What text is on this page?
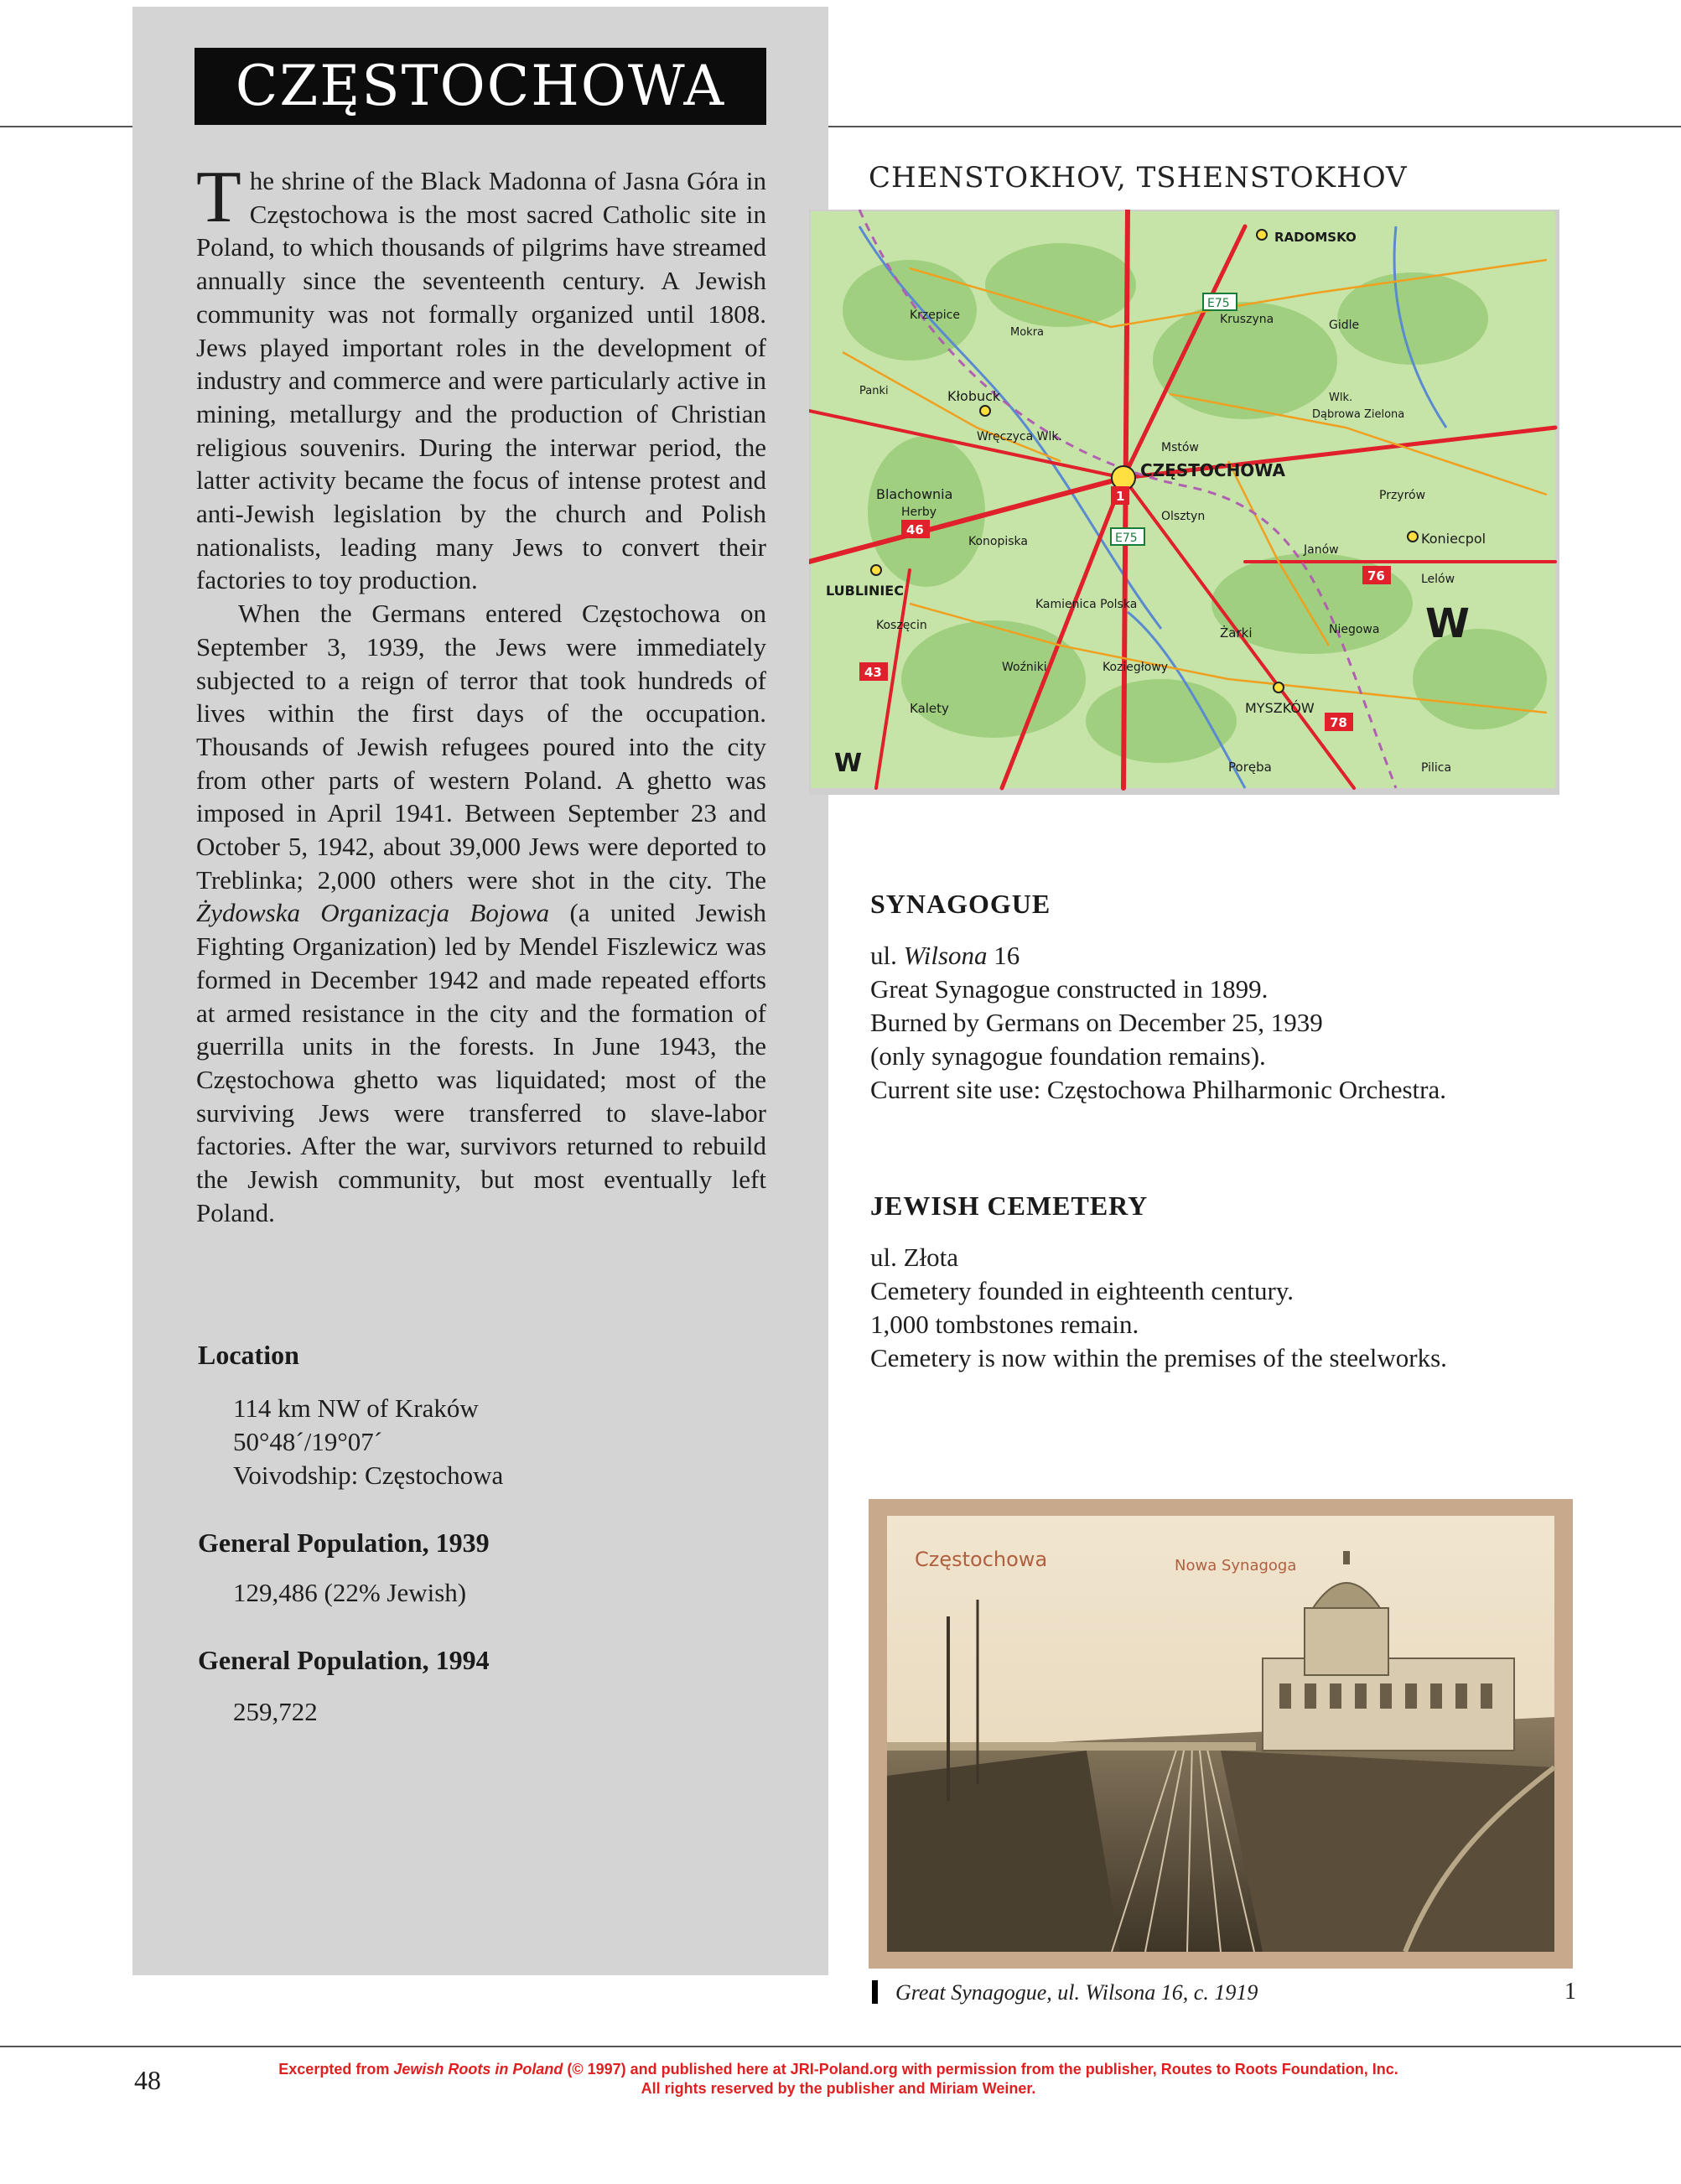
CZĘSTOCHOWA

The shrine of the Black Madonna of Jasna Góra in Częstochowa is the most sacred Catholic site in Poland, to which thousands of pilgrims have streamed annually since the seventeenth century. A Jewish community was not formally organized until 1808. Jews played important roles in the development of industry and commerce and were particularly active in mining, metallurgy and the production of Christian religious souvenirs. During the interwar period, the latter activity became the focus of intense protest and anti-Jewish legislation by the church and Polish nationalists, leading many Jews to convert their factories to toy production.

When the Germans entered Częstochowa on September 3, 1939, the Jews were immediately subjected to a reign of terror that took hundreds of lives within the first days of the occupation. Thousands of Jewish refugees poured into the city from other parts of western Poland. A ghetto was imposed in April 1941. Between September 23 and October 5, 1942, about 39,000 Jews were deported to Treblinka; 2,000 others were shot in the city. The Żydowska Organizacja Bojowa (a united Jewish Fighting Organization) led by Mendel Fiszlewicz was formed in December 1942 and made repeated efforts at armed resistance in the city and the formation of guerrilla units in the forests. In June 1943, the Częstochowa ghetto was liquidated; most of the surviving Jews were transferred to slave-labor factories. After the war, survivors returned to rebuild the Jewish community, but most eventually left Poland.

Location
114 km NW of Kraków
50°48´/19°07´
Voivodship: Częstochowa
General Population, 1939
129,486 (22% Jewish)
General Population, 1994
259,722
CHENSTOKHOV, TSHENSTOKHOV
CZĘSTOCHOWA
RADOMSKO
LUBLINIEC
MYSZKÓW
Kłobuck
Blachownia
Koniecpol
Żarki
Poręba
Kamienica Polska
Olsztyn
Mstów
Kruszyna	Gidle
Krzepice
Wręczyca Wlk.
Kalety
Koziegłowy
Przyrów
Lelów
Niegowa
Janów
Konopiska
Herby
Koszęcin
Woźniki
Pilica
Dąbrowa Zielona
Wlk.
Mokra
Pankі
E75
E75
46
43
78
76
1
W
W
SYNAGOGUE
ul. Wilsona 16
Great Synagogue constructed in 1899.
Burned by Germans on December 25, 1939
(only synagogue foundation remains).
Current site use: Częstochowa Philharmonic Orchestra.
JEWISH CEMETERY
ul. Złota
Cemetery founded in eighteenth century.
1,000 tombstones remain.
Cemetery is now within the premises of the steelworks.
Częstochowa	Nowa Synagoga
Great Synagogue, ul. Wilsona 16, c. 1919	1
48	Excerpted from Jewish Roots in Poland (© 1997) and published here at JRI-Poland.org with permission from the publisher, Routes to Roots Foundation, Inc.
All rights reserved by the publisher and Miriam Weiner.
